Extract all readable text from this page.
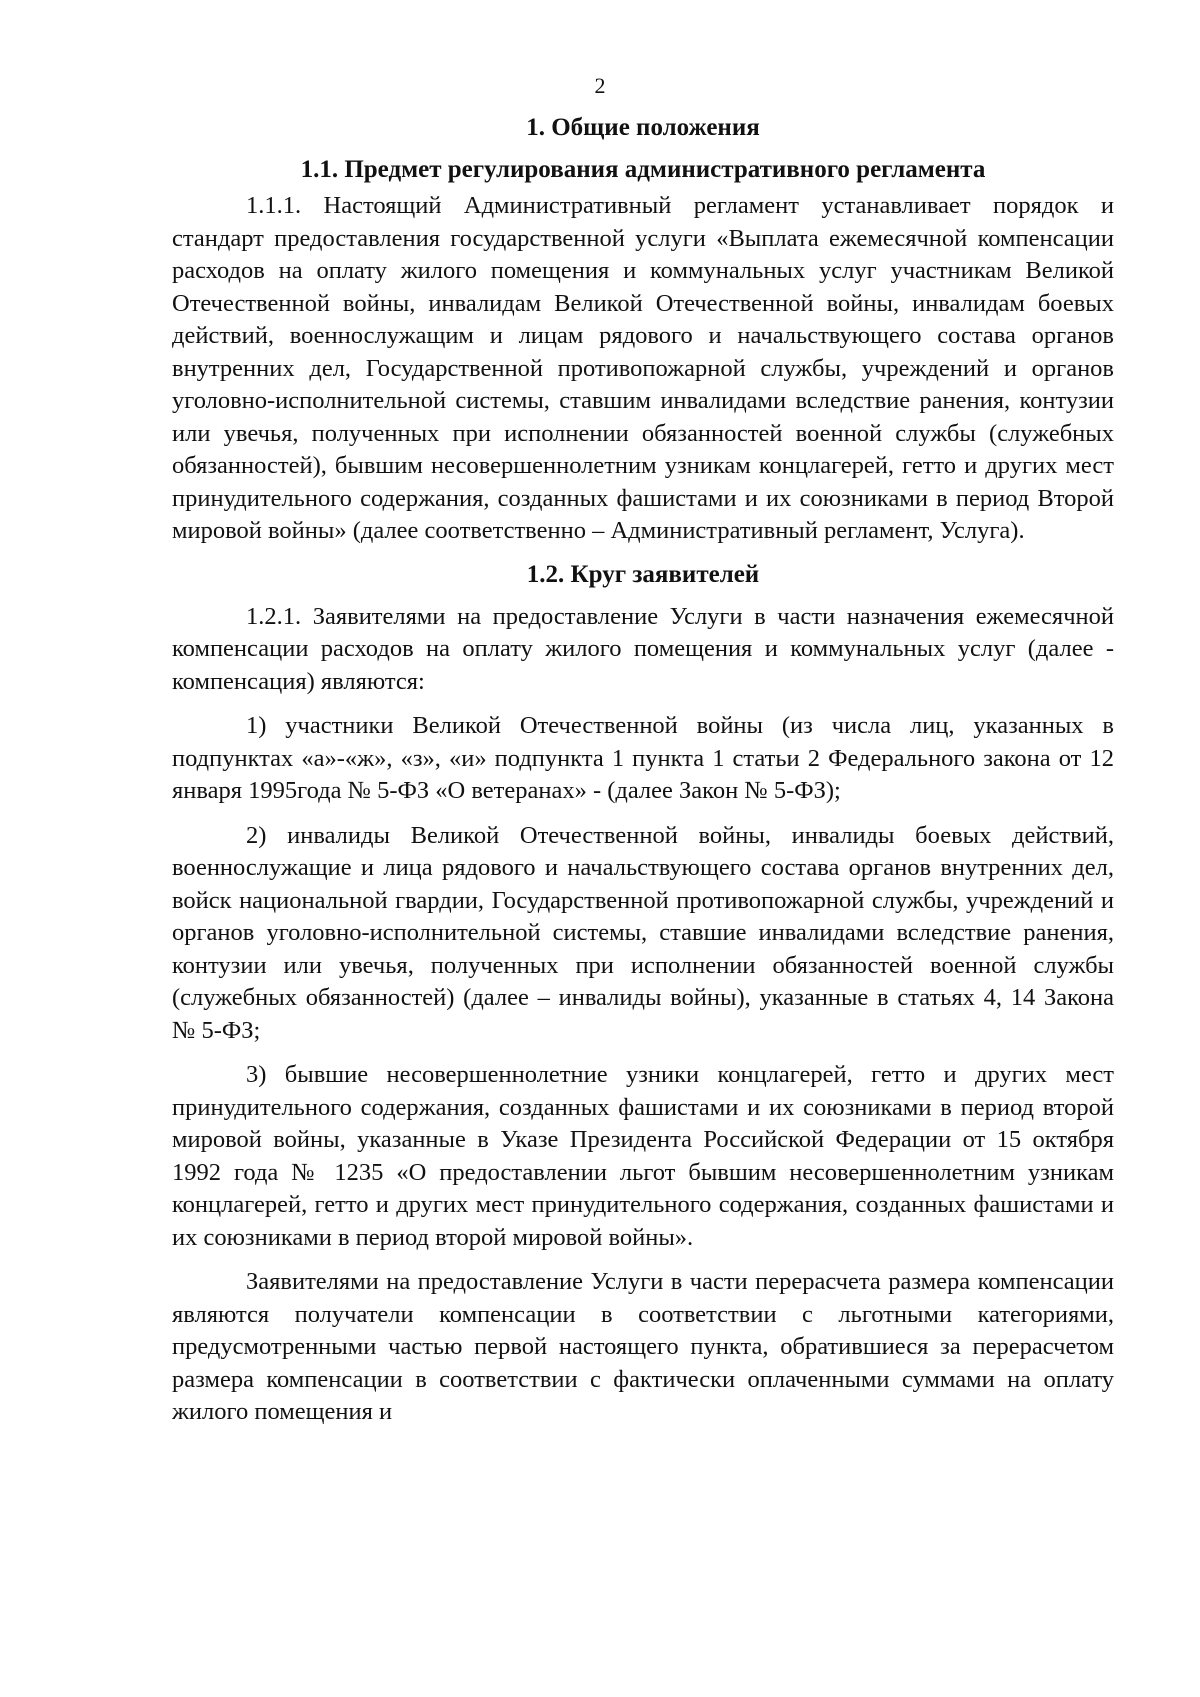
2
1. Общие положения
1.1. Предмет регулирования административного регламента

1.1.1. Настоящий Административный регламент устанавливает порядок и стандарт предоставления государственной услуги «Выплата ежемесячной компенсации расходов на оплату жилого помещения и коммунальных услуг участникам Великой Отечественной войны, инвалидам Великой Отечественной войны, инвалидам боевых действий, военнослужащим и лицам рядового и начальствующего состава органов внутренних дел, Государственной противопожарной службы, учреждений и органов уголовно-исполнительной системы, ставшим инвалидами вследствие ранения, контузии или увечья, полученных при исполнении обязанностей военной службы (служебных обязанностей), бывшим несовершеннолетним узникам концлагерей, гетто и других мест принудительного содержания, созданных фашистами и их союзниками в период Второй мировой войны» (далее соответственно – Административный регламент, Услуга).

1.2. Круг заявителей

1.2.1. Заявителями на предоставление Услуги в части назначения ежемесячной компенсации расходов на оплату жилого помещения и коммунальных услуг (далее - компенсация) являются:

1) участники Великой Отечественной войны (из числа лиц, указанных в подпунктах «а»-«ж», «з», «и» подпункта 1 пункта 1 статьи 2 Федерального закона от 12 января 1995года № 5-ФЗ «О ветеранах» - (далее Закон № 5-ФЗ);

2) инвалиды Великой Отечественной войны, инвалиды боевых действий, военнослужащие и лица рядового и начальствующего состава органов внутренних дел, войск национальной гвардии, Государственной противопожарной службы, учреждений и органов уголовно-исполнительной системы, ставшие инвалидами вследствие ранения, контузии или увечья, полученных при исполнении обязанностей военной службы (служебных обязанностей) (далее – инвалиды войны), указанные в статьях 4, 14 Закона № 5-ФЗ;

3) бывшие несовершеннолетние узники концлагерей, гетто и других мест принудительного содержания, созданных фашистами и их союзниками в период второй мировой войны, указанные в Указе Президента Российской Федерации от 15 октября 1992 года № 1235 «О предоставлении льгот бывшим несовершеннолетним узникам концлагерей, гетто и других мест принудительного содержания, созданных фашистами и их союзниками в период второй мировой войны».

Заявителями на предоставление Услуги в части перерасчета размера компенсации являются получатели компенсации в соответствии с льготными категориями, предусмотренными частью первой настоящего пункта, обратившиеся за перерасчетом размера компенсации в соответствии с фактически оплаченными суммами на оплату жилого помещения и
